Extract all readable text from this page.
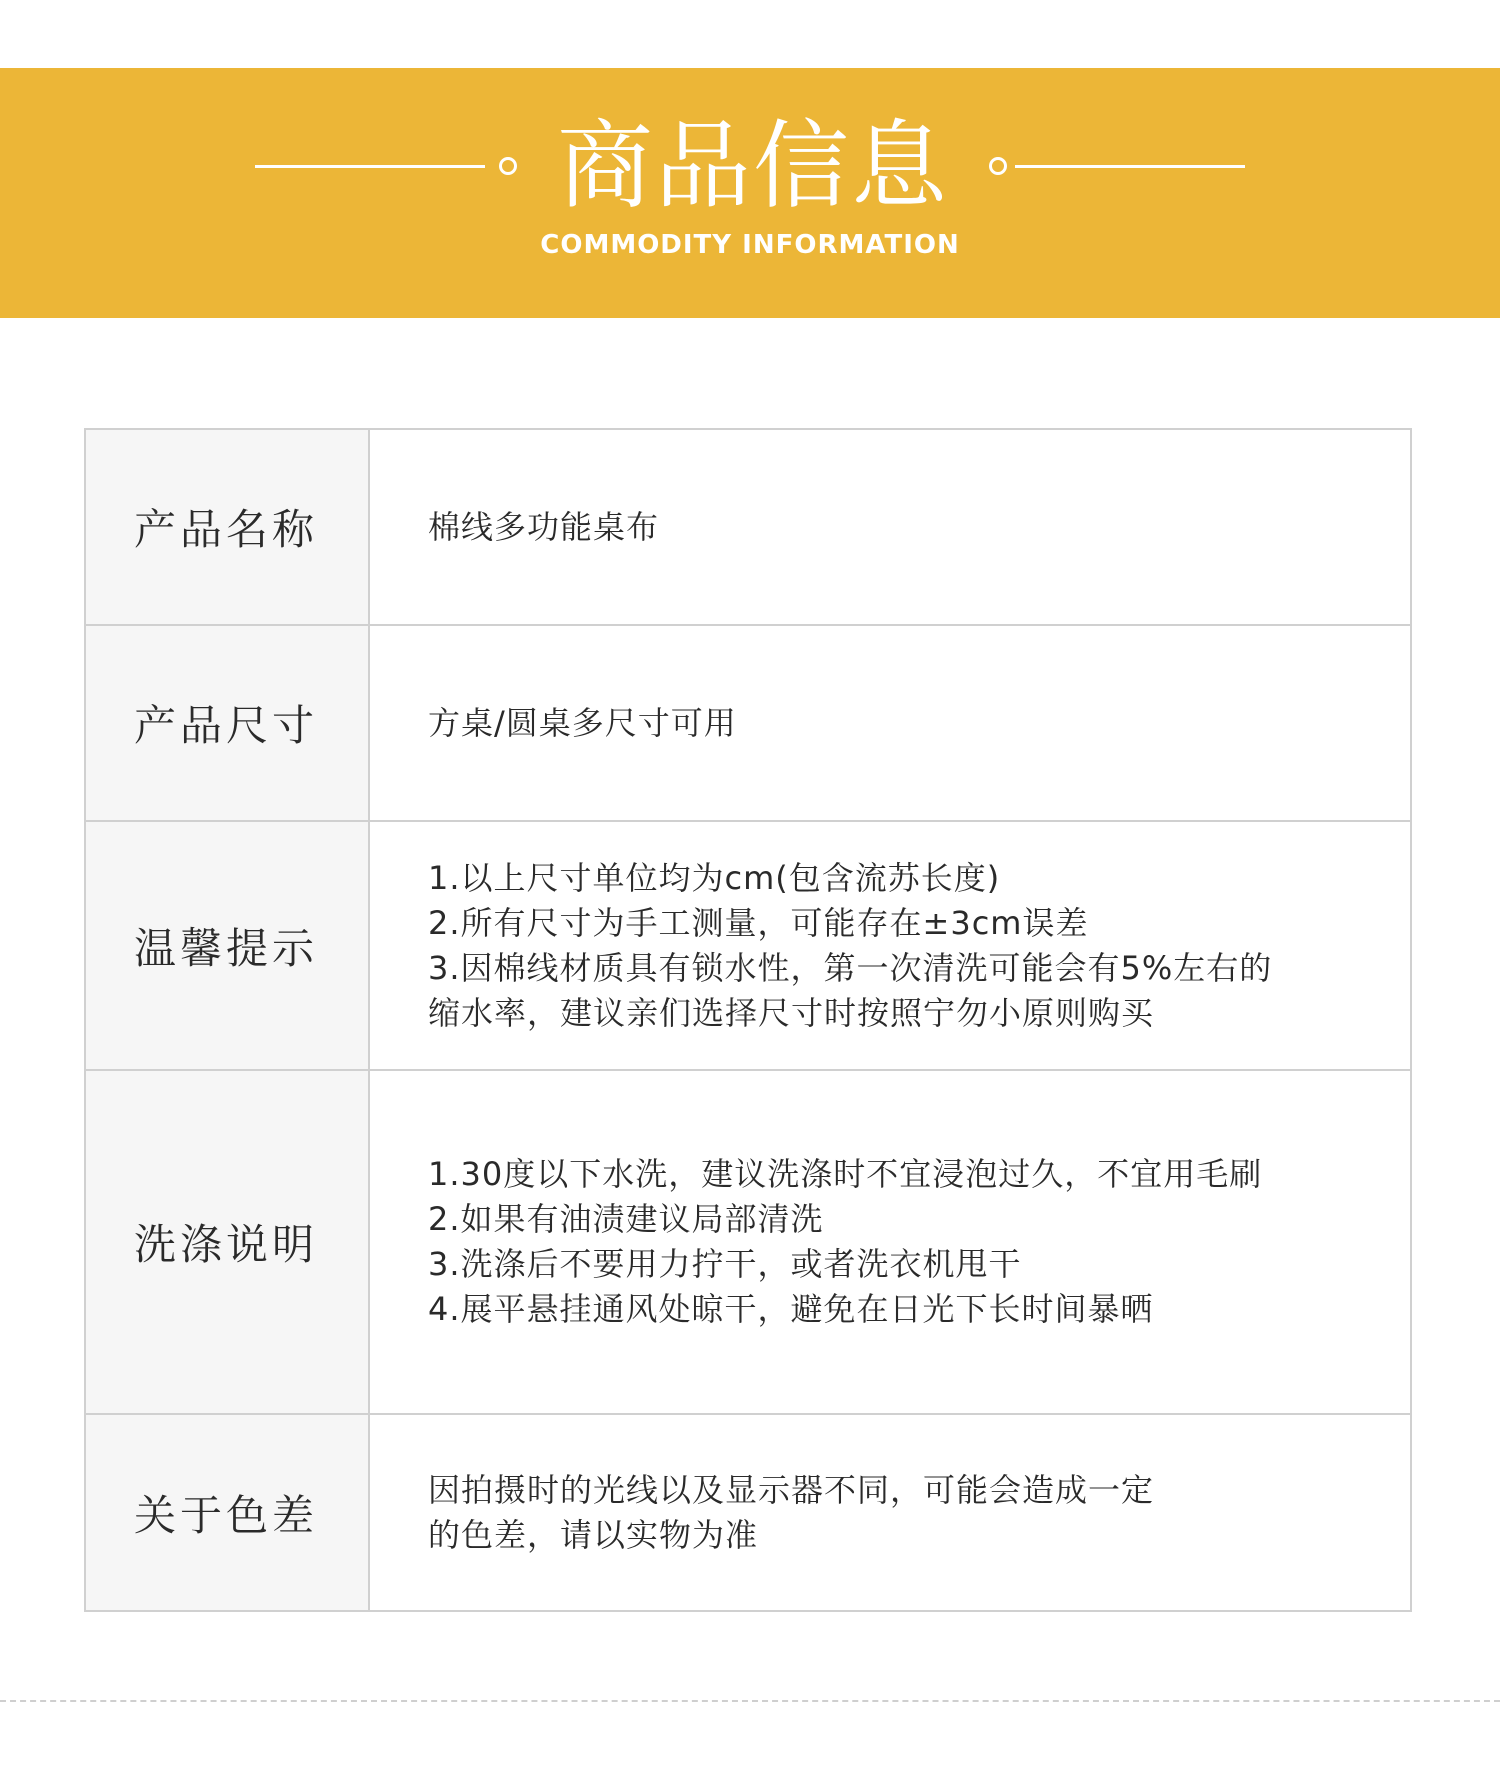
商品信息
COMMODITY INFORMATION
产品名称	棉线多功能桌布

产品尺寸	方桌/圆桌多尺寸可用

温馨提示	1.以上尺寸单位均为cm(包含流苏长度)
2.所有尺寸为手工测量，可能存在±3cm误差
3.因棉线材质具有锁水性，第一次清洗可能会有5%左右的
缩水率，建议亲们选择尺寸时按照宁勿小原则购买

洗涤说明	1.30度以下水洗，建议洗涤时不宜浸泡过久，不宜用毛刷
2.如果有油渍建议局部清洗
3.洗涤后不要用力拧干，或者洗衣机甩干
4.展平悬挂通风处晾干，避免在日光下长时间暴晒

关于色差	因拍摄时的光线以及显示器不同，可能会造成一定
的色差，请以实物为准
